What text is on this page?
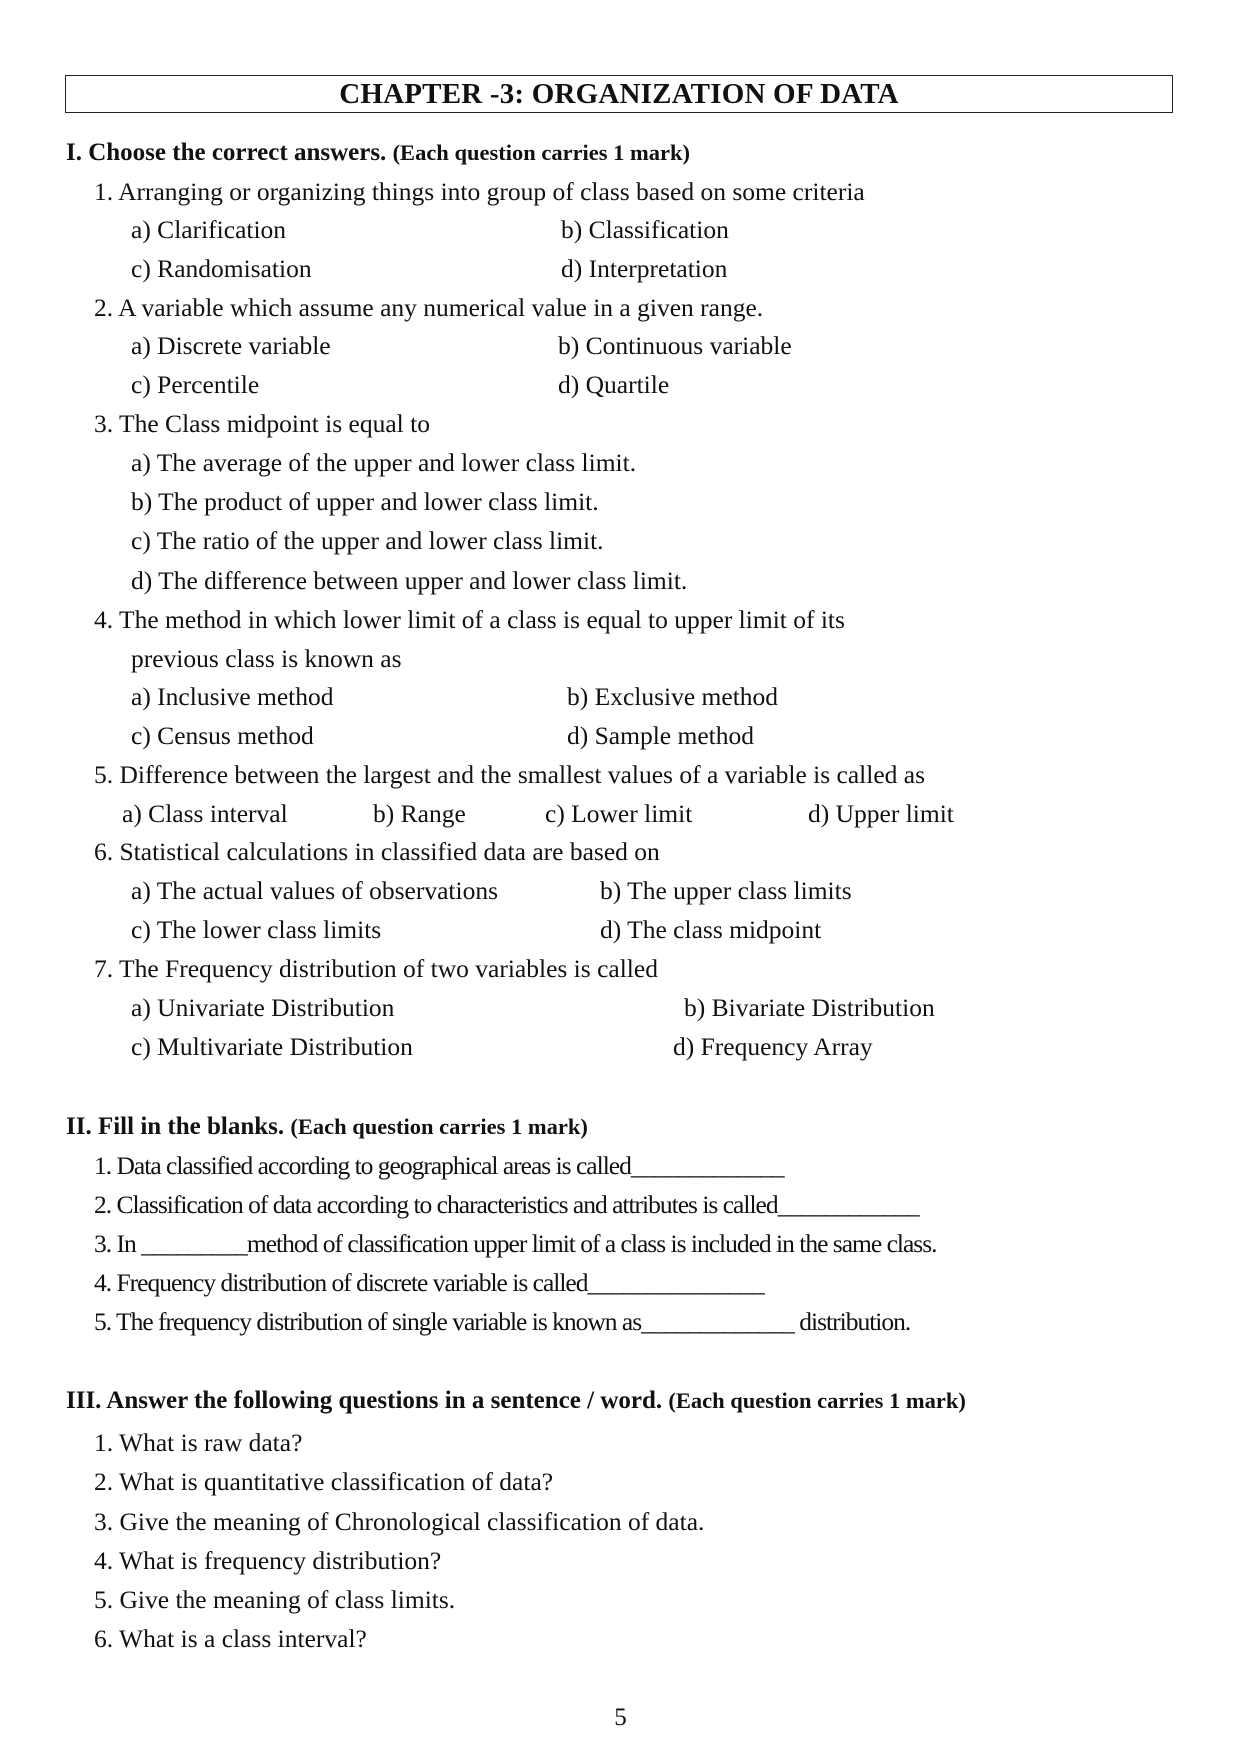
CHAPTER -3: ORGANIZATION OF DATA
I. Choose the correct answers. (Each question carries 1 mark)
1. Arranging or organizing things into group of class based on some criteria
a) Clarification	b) Classification
c) Randomisation	d) Interpretation
2. A variable which assume any numerical value in a given range.
a) Discrete variable	b) Continuous variable
c) Percentile	d) Quartile
3. The Class midpoint is equal to
a) The average of the upper and lower class limit.
b) The product of upper and lower class limit.
c) The ratio of the upper and lower class limit.
d) The difference between upper and lower class limit.
4. The method in which lower limit of a class is equal to upper limit of its
previous class is known as
a) Inclusive method	b) Exclusive method
c) Census method	d) Sample method
5. Difference between the largest and the smallest values of a variable is called as
a) Class interval	b) Range	c) Lower limit	d) Upper limit
6. Statistical calculations in classified data are based on
a) The actual values of observations	b) The upper class limits
c) The lower class limits	d) The class midpoint
7. The Frequency distribution of two variables is called
a) Univariate Distribution	b) Bivariate Distribution
c) Multivariate Distribution	d) Frequency Array
II. Fill in the blanks. (Each question carries 1 mark)
1. Data classified according to geographical areas is called_____________
2. Classification of data according to characteristics and attributes is called____________
3. In _________method of classification upper limit of a class is included in the same class.
4. Frequency distribution of discrete variable is called_______________
5. The frequency distribution of single variable is known as_____________ distribution.
III. Answer the following questions in a sentence / word. (Each question carries 1 mark)
1. What is raw data?
2. What is quantitative classification of data?
3. Give the meaning of Chronological classification of data.
4. What is frequency distribution?
5. Give the meaning of class limits.
6. What is a class interval?
5
